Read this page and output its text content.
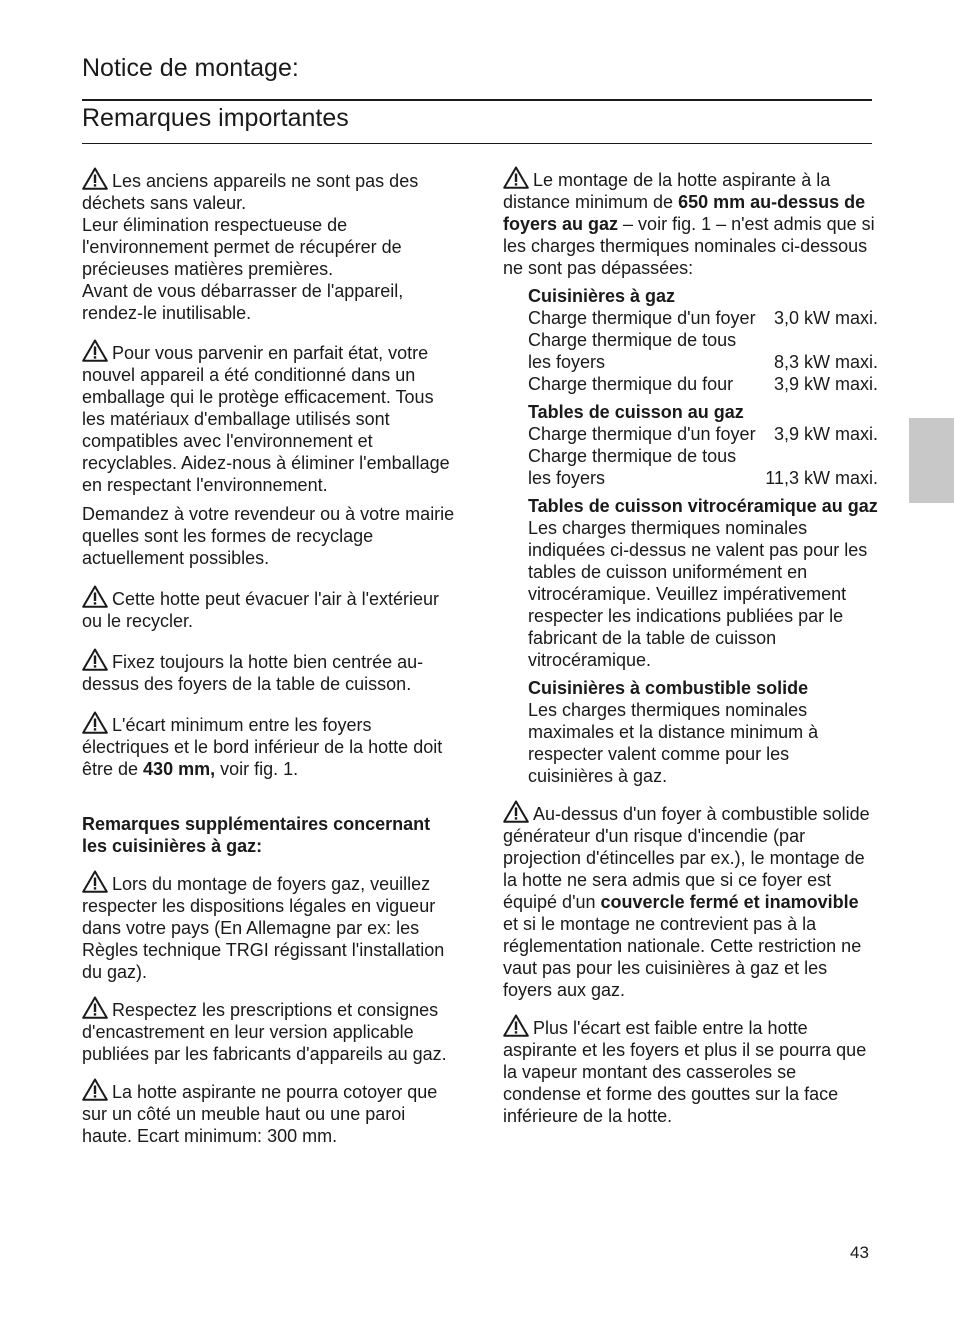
Notice de montage:
Remarques importantes

Les anciens appareils ne sont pas des déchets sans valeur.
Leur élimination respectueuse de l'environnement permet de récupérer de précieuses matières premières.
Avant de vous débarrasser de l'appareil, rendez-le inutilisable.

Pour vous parvenir en parfait état, votre nouvel appareil a été conditionné dans un emballage qui le protège efficacement. Tous les matériaux d'emballage utilisés sont compatibles avec l'environnement et recyclables. Aidez-nous à éliminer l'emballage en respectant l'environnement.

Demandez à votre revendeur ou à votre mairie quelles sont les formes de recyclage actuellement possibles.

Cette hotte peut évacuer l'air à l'extérieur ou le recycler.

Fixez toujours la hotte bien centrée au-dessus des foyers de la table de cuisson.

L'écart minimum entre les foyers électriques et le bord inférieur de la hotte doit être de 430 mm, voir fig. 1.

Remarques supplémentaires concernant les cuisinières à gaz:

Lors du montage de foyers gaz, veuillez respecter les dispositions légales en vigueur dans votre pays (En Allemagne par ex: les Règles technique TRGI régissant l'installation du gaz).

Respectez les prescriptions et consignes d'encastrement en leur version applicable publiées par les fabricants d'appareils au gaz.

La hotte aspirante ne pourra cotoyer que sur un côté un meuble haut ou une paroi haute. Ecart minimum: 300 mm.

Le montage de la hotte aspirante à la distance minimum de 650 mm au-dessus de foyers au gaz – voir fig. 1 – n'est admis que si les charges thermiques nominales ci-dessous ne sont pas dépassées:

Cuisinières à gaz

Charge thermique d'un foyer 3,0 kW maxi.
Charge thermique de tous les foyers	8,3 kW maxi.
Charge thermique du four	3,9 kW maxi.

Tables de cuisson au gaz

Charge thermique d'un foyer 3,9 kW maxi.
Charge thermique de tous les foyers	11,3 kW maxi.

Tables de cuisson vitrocéramique au gaz

Les charges thermiques nominales indiquées ci-dessus ne valent pas pour les tables de cuisson uniformément en vitrocéramique. Veuillez impérativement respecter les indications publiées par le fabricant de la table de cuisson vitrocéramique.

Cuisinières à combustible solide

Les charges thermiques nominales maximales et la distance minimum à respecter valent comme pour les cuisinières à gaz.

Au-dessus d'un foyer à combustible solide générateur d'un risque d'incendie (par projection d'étincelles par ex.), le montage de la hotte ne sera admis que si ce foyer est équipé d'un couvercle fermé et inamovible et si le montage ne contrevient pas à la réglementation nationale. Cette restriction ne vaut pas pour les cuisinières à gaz et les foyers aux gaz.

Plus l'écart est faible entre la hotte aspirante et les foyers et plus il se pourra que la vapeur montant des casseroles se condense et forme des gouttes sur la face inférieure de la hotte.

43
